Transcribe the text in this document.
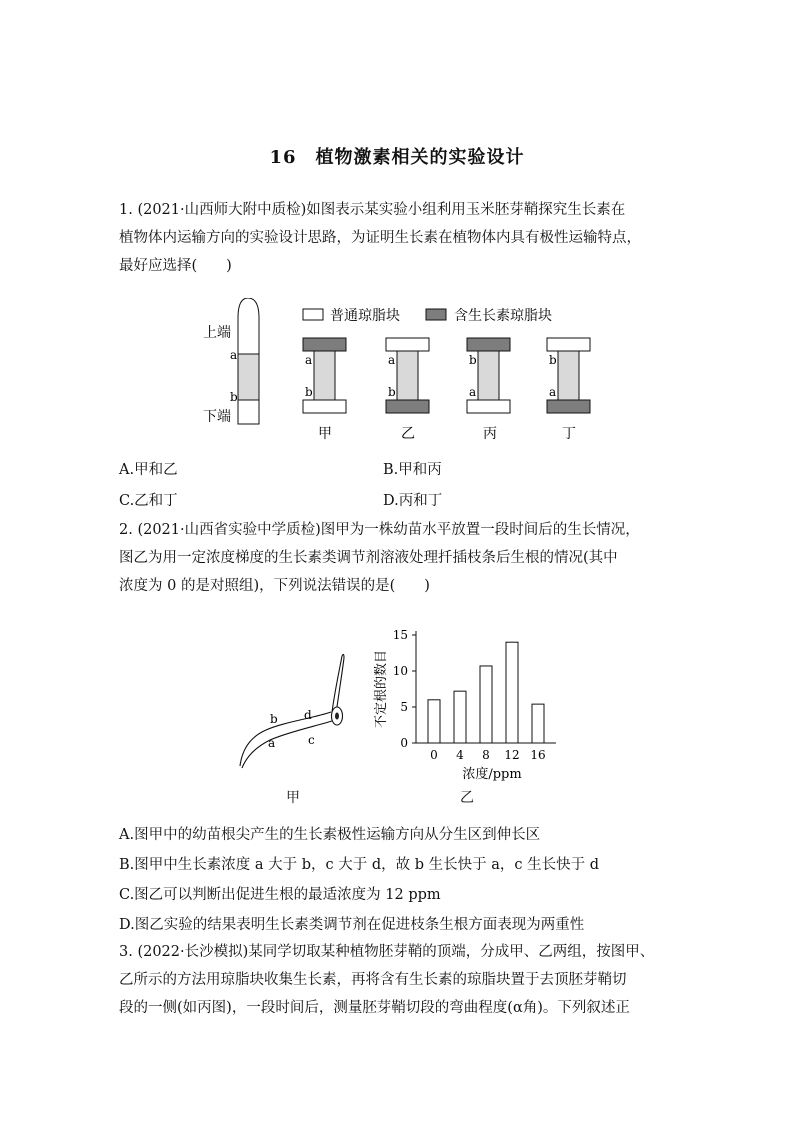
16　植物激素相关的实验设计
1. (2021·山西师大附中质检)如图表示某实验小组利用玉米胚芽鞘探究生长素在
植物体内运输方向的实验设计思路，为证明生长素在植物体内具有极性运输特点，
最好应选择(　　)
上端
a
b
下端
普通琼脂块	含生长素琼脂块
a
b
甲
a
b
乙
b
a
丙
b
a
丁
A.甲和乙	B.甲和丙
C.乙和丁	D.丙和丁
2. (2021·山西省实验中学质检)图甲为一株幼苗水平放置一段时间后的生长情况，
图乙为用一定浓度梯度的生长素类调节剂溶液处理扦插枝条后生根的情况(其中
浓度为 0 的是对照组)，下列说法错误的是(　　)
b d
a	c
甲
0
5
10
15
0 4 8 12 16
浓度/ppm
不定根的数目
乙
A.图甲中的幼苗根尖产生的生长素极性运输方向从分生区到伸长区
B.图甲中生长素浓度 a 大于 b，c 大于 d，故 b 生长快于 a，c 生长快于 d
C.图乙可以判断出促进生根的最适浓度为 12 ppm
D.图乙实验的结果表明生长素类调节剂在促进枝条生根方面表现为两重性
3. (2022·长沙模拟)某同学切取某种植物胚芽鞘的顶端，分成甲、乙两组，按图甲、
乙所示的方法用琼脂块收集生长素，再将含有生长素的琼脂块置于去顶胚芽鞘切
段的一侧(如丙图)，一段时间后，测量胚芽鞘切段的弯曲程度(α角)。下列叙述正
